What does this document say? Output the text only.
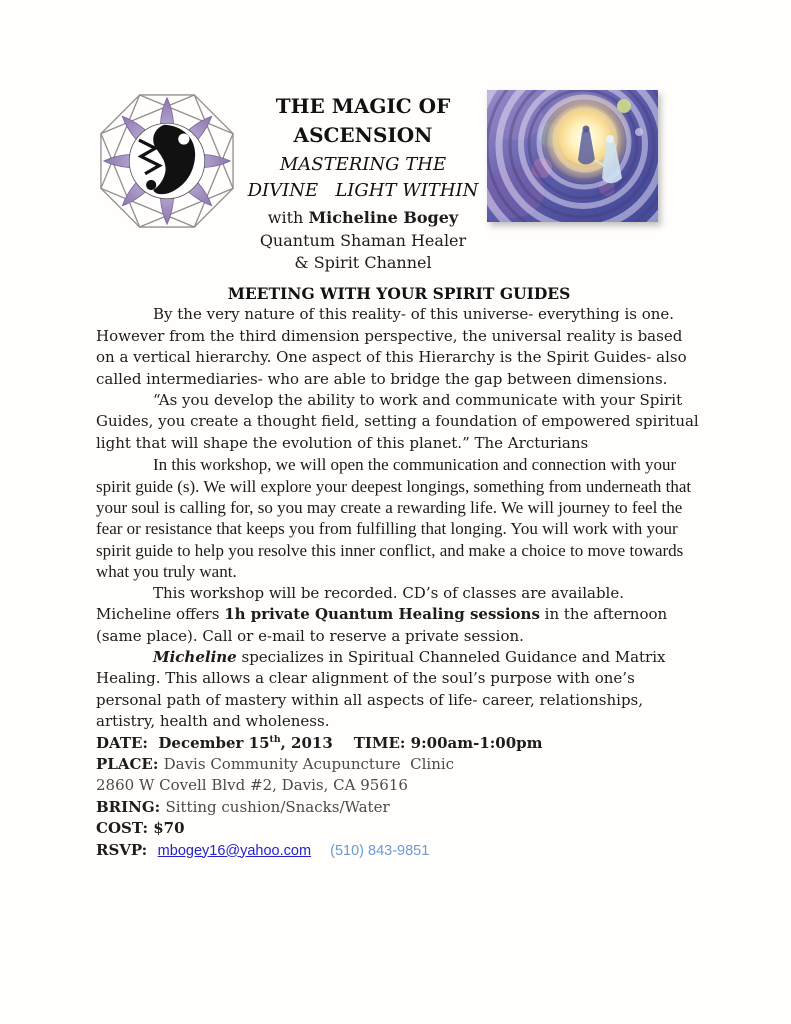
THE MAGIC OF
ASCENSION
MASTERING THE
DIVINE   LIGHT WITHIN
with Micheline Bogey
Quantum Shaman Healer
& Spirit Channel
MEETING WITH YOUR SPIRIT GUIDES

By the very nature of this reality- of this universe- everything is one.  However from the third dimension perspective, the universal reality is based on a vertical hierarchy. One aspect of this Hierarchy is the Spirit Guides- also called intermediaries- who are able to bridge the gap between dimensions.

“As you develop the ability to work and communicate with your Spirit Guides, you create a thought field, setting a foundation of empowered spiritual light that will shape the evolution of this planet.” The Arcturians

In this workshop, we will open the communication and connection with your spirit guide (s). We will explore your deepest longings, something from underneath that your soul is calling for, so you may create a rewarding life. We will journey to feel the fear or resistance that keeps you from fulfilling that longing. You will work with your spirit guide to help you resolve this inner conflict, and make a choice to move towards what you truly want.

This workshop will be recorded. CD’s of classes are available. Micheline offers 1h private Quantum Healing sessions in the afternoon (same place). Call or e-mail to reserve a private session.

Micheline specializes in Spiritual Channeled Guidance and Matrix Healing. This allows a clear alignment of the soul’s purpose with one’s personal path of mastery within all aspects of life- career, relationships, artistry, health and wholeness.

DATE:  December 15th, 2013    TIME: 9:00am-1:00pm

PLACE: Davis Community Acupuncture  Clinic

2860 W Covell Blvd #2, Davis, CA 95616

BRING: Sitting cushion/Snacks/Water

COST: $70

RSVP:  mbogey16@yahoo.com (510) 843-9851
